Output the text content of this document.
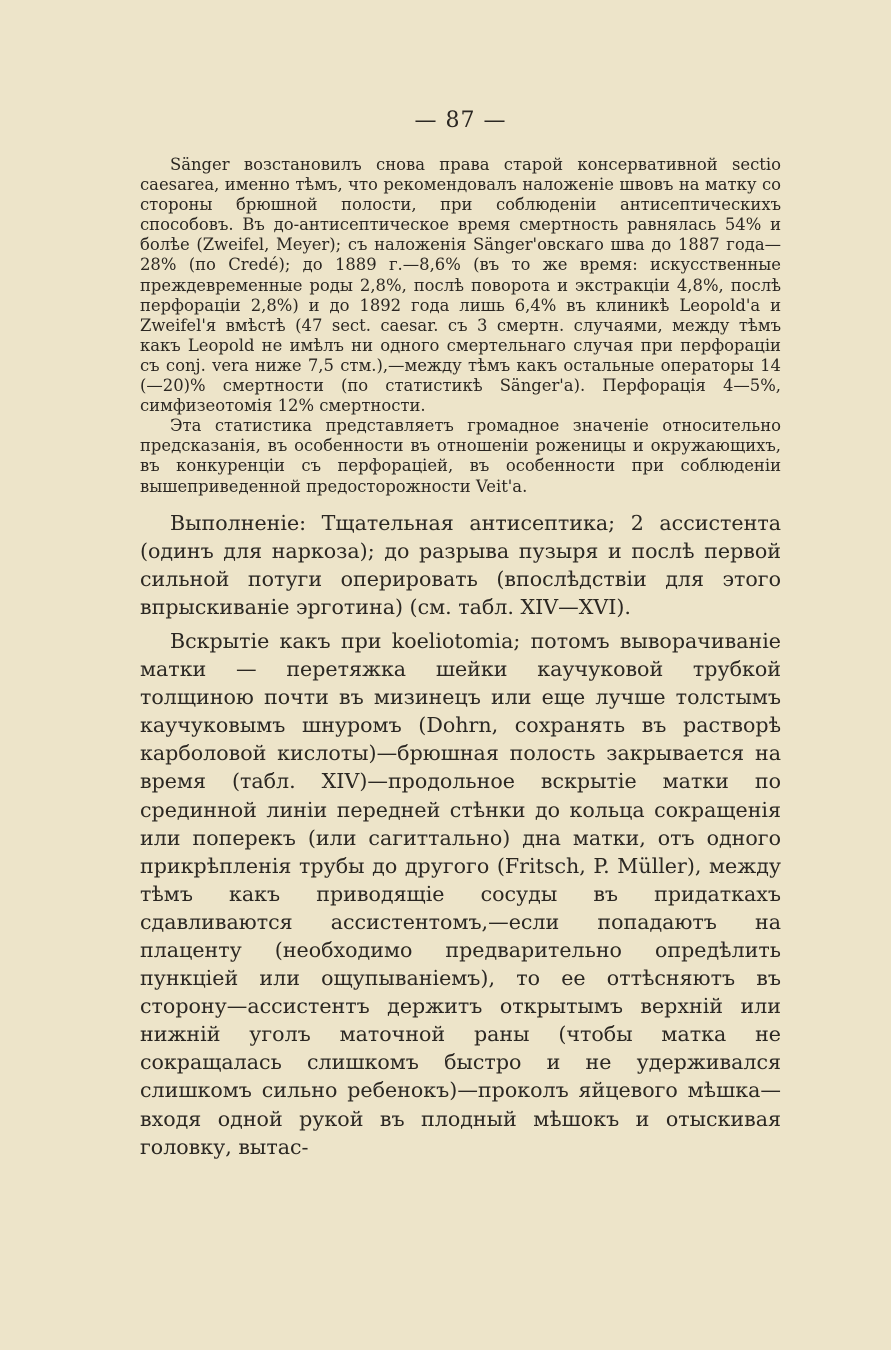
— 87 —

Sänger возстановилъ снова права старой консервативной sectio caesarea, именно тѣмъ, что рекомендовалъ наложеніе швовъ на матку со стороны брюшной полости, при соблюденіи антисептическихъ способовъ. Въ до-антисептическое время смертность равнялась 54% и болѣе (Zweifel, Meyer); съ наложенія Sänger'овскаго шва до 1887 года—28% (по Credé); до 1889 г.—8,6% (въ то же время: искусственные преждевременные роды 2,8%, послѣ поворота и экстракціи 4,8%, послѣ перфораціи 2,8%) и до 1892 года лишь 6,4% въ клиникѣ Leopold'a и Zweifel'я вмѣстѣ (47 sect. caesar. съ 3 смертн. случаями, между тѣмъ какъ Leopold не имѣлъ ни одного смертельнаго случая при перфораціи съ conj. vera ниже 7,5 стм.),—между тѣмъ какъ остальные операторы 14 (—20)% смертности (по статистикѣ Sänger'a). Перфорація 4—5%, симфизеотомія 12% смертности.

Эта статистика представляетъ громадное значеніе относительно предсказанія, въ особенности въ отношеніи роженицы и окружающихъ, въ конкуренціи съ перфораціей, въ особенности при соблюденіи вышеприведенной предосторожности Veit'a.

Выполненіе: Тщательная антисептика; 2 ассистента (одинъ для наркоза); до разрыва пузыря и послѣ первой сильной потуги оперировать (впослѣдствіи для этого впрыскиваніе эрготина) (см. табл. XIV—XVI).

Вскрытіе какъ при koeliotomia; потомъ выворачиваніе матки — перетяжка шейки каучуковой трубкой толщиною почти въ мизинецъ или еще лучше толстымъ каучуковымъ шнуромъ (Dohrn, сохранять въ растворѣ карболовой кислоты)—брюшная полость закрывается на время (табл. XIV)—продольное вскрытіе матки по срединной линіи передней стѣнки до кольца сокращенія или поперекъ (или сагиттально) дна матки, отъ одного прикрѣпленія трубы до другого (Fritsch, P. Müller), между тѣмъ какъ приводящіе сосуды въ придаткахъ сдавливаются ассистентомъ,—если попадаютъ на плаценту (необходимо предварительно опредѣлить пункціей или ощупываніемъ), то ее оттѣсняютъ въ сторону—ассистентъ держитъ открытымъ верхній или нижній уголъ маточной раны (чтобы матка не сокращалась слишкомъ быстро и не удерживался слишкомъ сильно ребенокъ)—проколъ яйцевого мѣшка—входя одной рукой въ плодный мѣшокъ и отыскивая головку, вытас-
